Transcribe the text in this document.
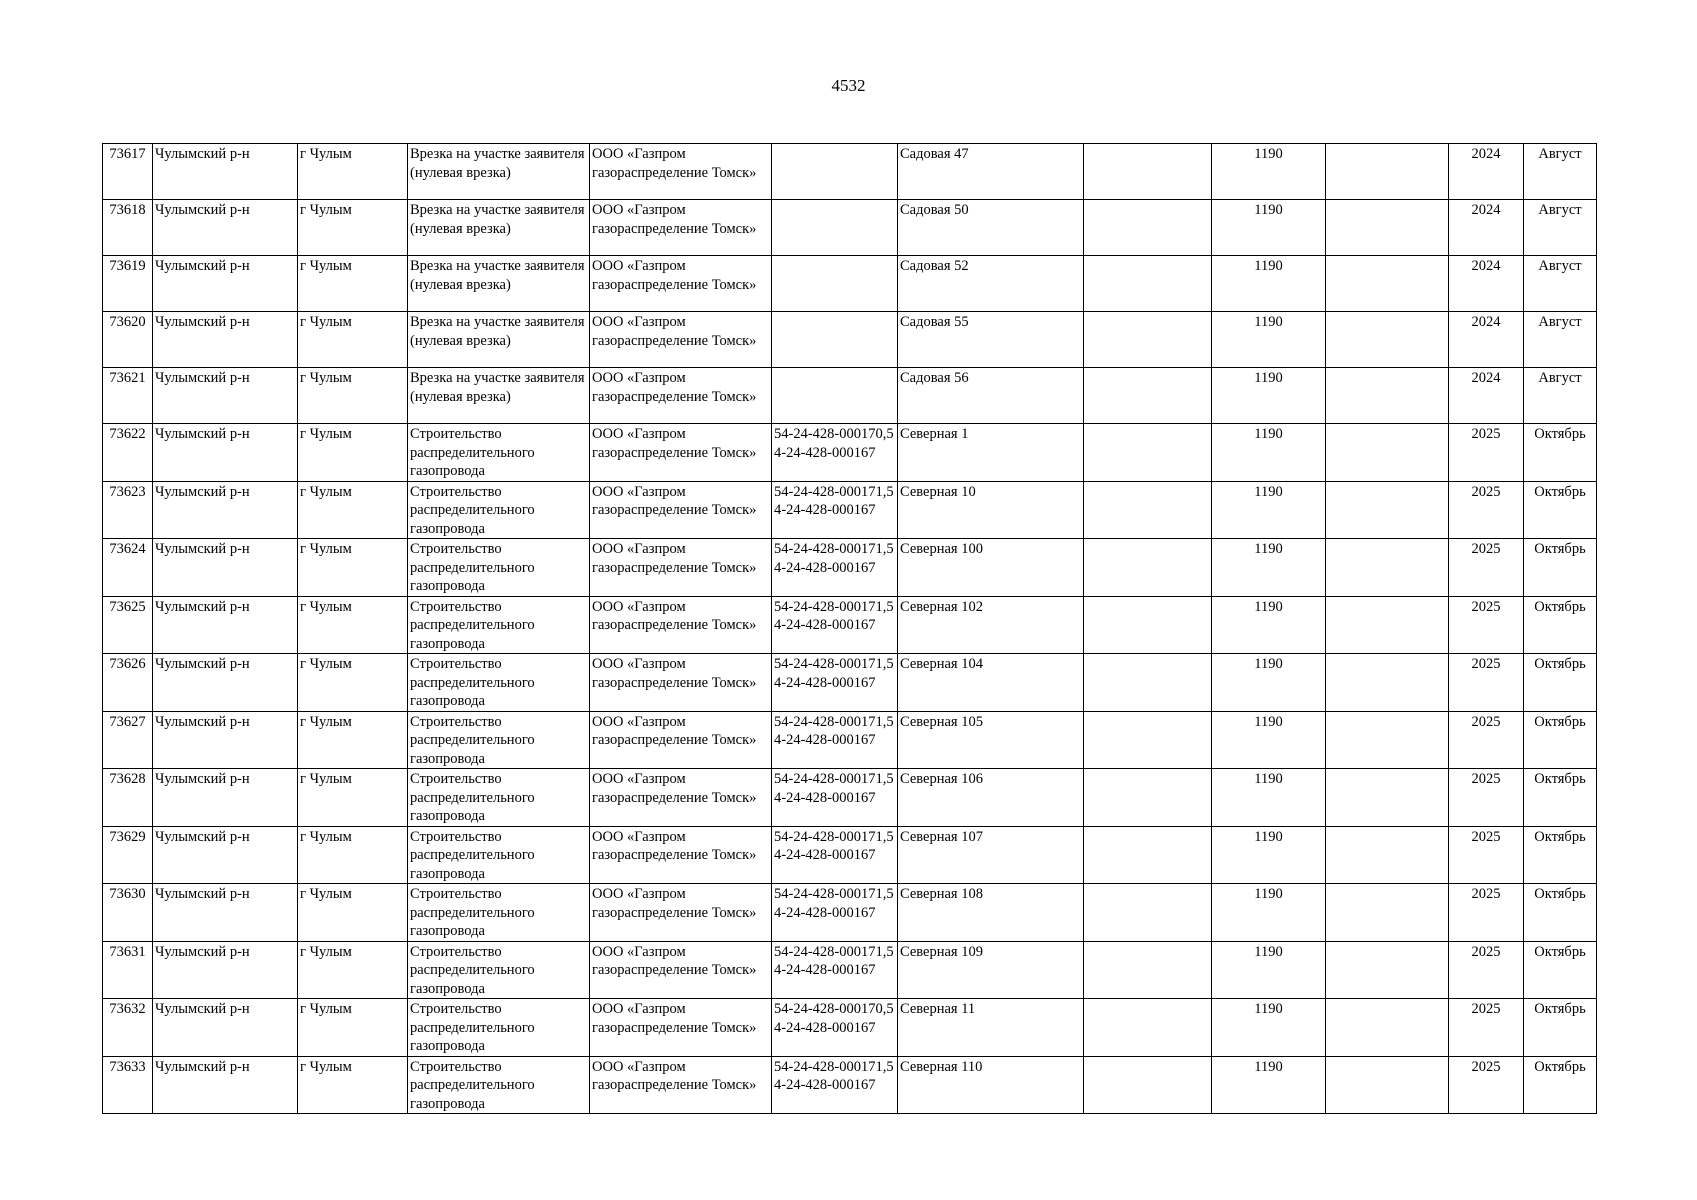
4532
73617	Чулымский р-н	г Чулым	Врезка на участке заявителя (нулевая врезка)	ООО «Газпром газораспределение Томск»		Садовая 47		1190		2024	Август
73618	Чулымский р-н	г Чулым	Врезка на участке заявителя (нулевая врезка)	ООО «Газпром газораспределение Томск»		Садовая 50		1190		2024	Август
73619	Чулымский р-н	г Чулым	Врезка на участке заявителя (нулевая врезка)	ООО «Газпром газораспределение Томск»		Садовая 52		1190		2024	Август
73620	Чулымский р-н	г Чулым	Врезка на участке заявителя (нулевая врезка)	ООО «Газпром газораспределение Томск»		Садовая 55		1190		2024	Август
73621	Чулымский р-н	г Чулым	Врезка на участке заявителя (нулевая врезка)	ООО «Газпром газораспределение Томск»		Садовая 56		1190		2024	Август
73622	Чулымский р-н	г Чулым	Строительство распределительного газопровода	ООО «Газпром газораспределение Томск»	54-24-428-000170,54-24-428-000167	Северная 1		1190		2025	Октябрь
73623	Чулымский р-н	г Чулым	Строительство распределительного газопровода	ООО «Газпром газораспределение Томск»	54-24-428-000171,54-24-428-000167	Северная 10		1190		2025	Октябрь
73624	Чулымский р-н	г Чулым	Строительство распределительного газопровода	ООО «Газпром газораспределение Томск»	54-24-428-000171,54-24-428-000167	Северная 100		1190		2025	Октябрь
73625	Чулымский р-н	г Чулым	Строительство распределительного газопровода	ООО «Газпром газораспределение Томск»	54-24-428-000171,54-24-428-000167	Северная 102		1190		2025	Октябрь
73626	Чулымский р-н	г Чулым	Строительство распределительного газопровода	ООО «Газпром газораспределение Томск»	54-24-428-000171,54-24-428-000167	Северная 104		1190		2025	Октябрь
73627	Чулымский р-н	г Чулым	Строительство распределительного газопровода	ООО «Газпром газораспределение Томск»	54-24-428-000171,54-24-428-000167	Северная 105		1190		2025	Октябрь
73628	Чулымский р-н	г Чулым	Строительство распределительного газопровода	ООО «Газпром газораспределение Томск»	54-24-428-000171,54-24-428-000167	Северная 106		1190		2025	Октябрь
73629	Чулымский р-н	г Чулым	Строительство распределительного газопровода	ООО «Газпром газораспределение Томск»	54-24-428-000171,54-24-428-000167	Северная 107		1190		2025	Октябрь
73630	Чулымский р-н	г Чулым	Строительство распределительного газопровода	ООО «Газпром газораспределение Томск»	54-24-428-000171,54-24-428-000167	Северная 108		1190		2025	Октябрь
73631	Чулымский р-н	г Чулым	Строительство распределительного газопровода	ООО «Газпром газораспределение Томск»	54-24-428-000171,54-24-428-000167	Северная 109		1190		2025	Октябрь
73632	Чулымский р-н	г Чулым	Строительство распределительного газопровода	ООО «Газпром газораспределение Томск»	54-24-428-000170,54-24-428-000167	Северная 11		1190		2025	Октябрь
73633	Чулымский р-н	г Чулым	Строительство распределительного газопровода	ООО «Газпром газораспределение Томск»	54-24-428-000171,54-24-428-000167	Северная 110		1190		2025	Октябрь
